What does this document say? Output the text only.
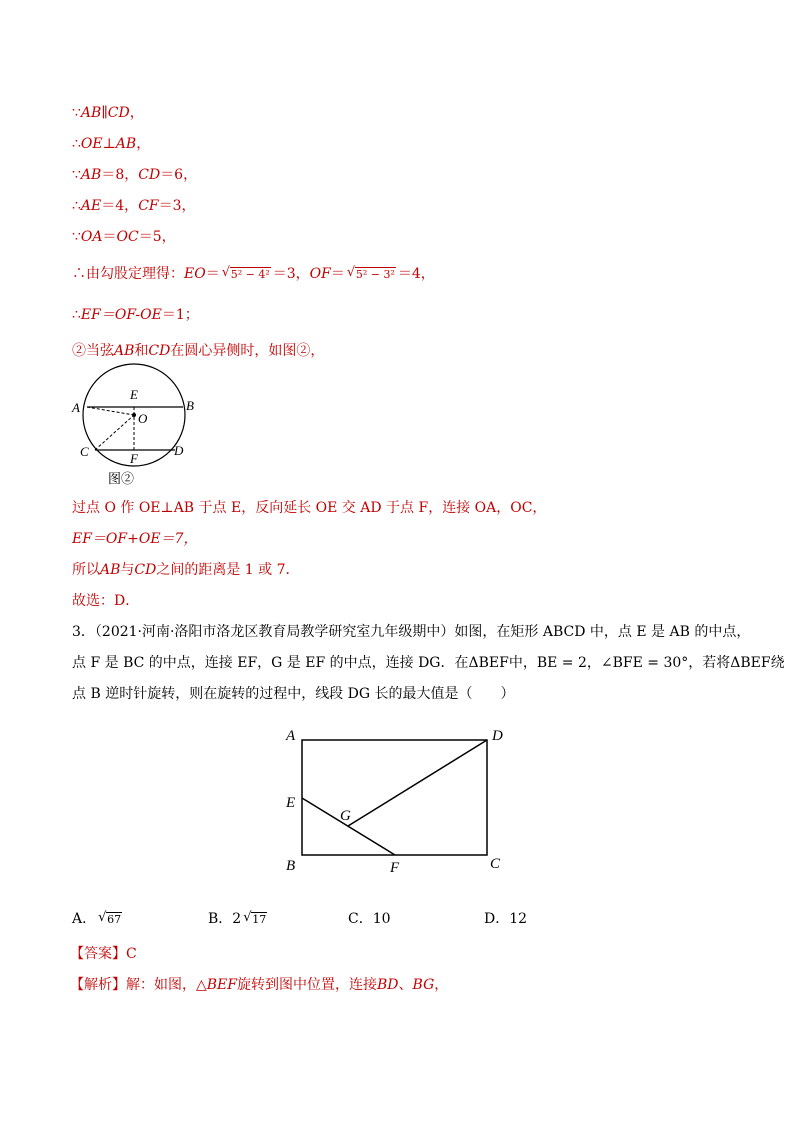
∵AB∥CD，
∴OE⊥AB，
∵AB＝8，CD＝6，
∴AE＝4，CF＝3，
∵OA＝OC＝5，
∴由勾股定理得：EO＝ √ 5² − 4² ＝3，OF＝ √ 5² − 3² ＝4，
∴EF＝OF-OE＝1；
②当弦AB和CD在圆心异侧时，如图②，
A	B
C	D
E
F
O
图②
过点 O 作 OE⊥AB 于点 E，反向延长 OE 交 AD 于点 F，连接 OA，OC，
EF＝OF+OE＝7，
所以AB与CD之间的距离是 1 或 7．
故选：D．
3．（2021·河南·洛阳市洛龙区教育局教学研究室九年级期中）如图，在矩形 ABCD 中，点 E 是 AB 的中点，
点 F 是 BC 的中点，连接 EF，G 是 EF 的中点，连接 DG．在ΔBEF中，BE = 2，∠BFE = 30°，若将ΔBEF绕
点 B 逆时针旋转，则在旋转的过程中，线段 DG 长的最大值是（　　）
A	D
E
G
B	F	C
A． √ 67	B．2 √ 17	C．10	D．12
【答案】C
【解析】解：如图，△BEF旋转到图中位置，连接BD、BG，
